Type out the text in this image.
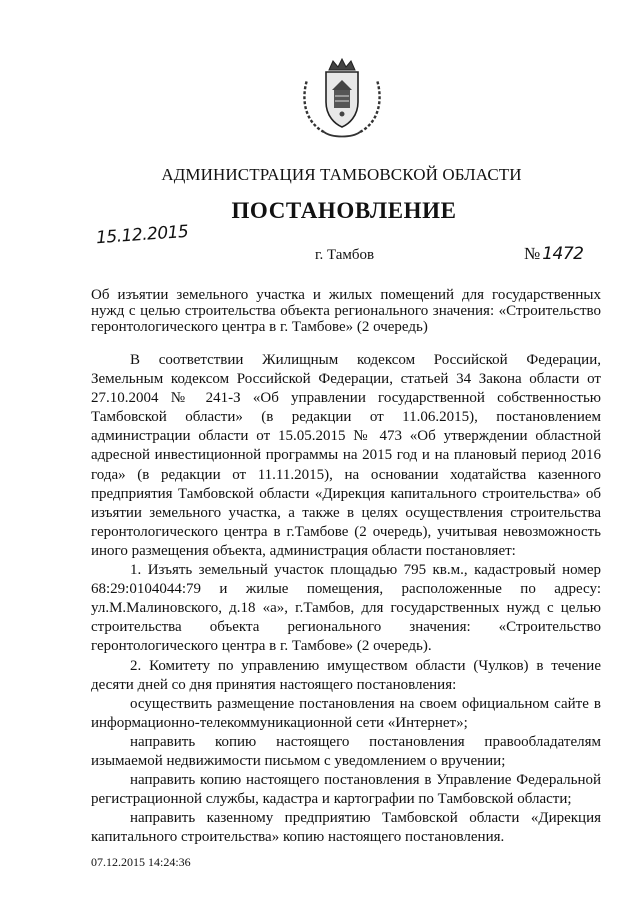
АДМИНИСТРАЦИЯ ТАМБОВСКОЙ ОБЛАСТИ
ПОСТАНОВЛЕНИЕ
15.12.2015
г. Тамбов	№ 1472
Об изъятии земельного участка и жилых помещений для государственных нужд с целью строительства объекта регионального значения: «Строительство геронтологического центра в г. Тамбове» (2 очередь)

В соответствии Жилищным кодексом Российской Федерации, Земельным кодексом Российской Федерации, статьей 34 Закона области от 27.10.2004 № 241-З «Об управлении государственной собственностью Тамбовской области» (в редакции от 11.06.2015), постановлением администрации области от 15.05.2015 № 473 «Об утверждении областной адресной инвестиционной программы на 2015 год и на плановый период 2016 года» (в редакции от 11.11.2015), на основании ходатайства казенного предприятия Тамбовской области «Дирекция капитального строительства» об изъятии земельного участка, а также в целях осуществления строительства геронтологического центра в г.Тамбове (2 очередь), учитывая невозможность иного размещения объекта, администрация области постановляет:

1. Изъять земельный участок площадью 795 кв.м., кадастровый номер 68:29:0104044:79 и жилые помещения, расположенные по адресу: ул.М.Малиновского, д.18 «а», г.Тамбов, для государственных нужд с целью строительства объекта регионального значения: «Строительство геронтологического центра в г. Тамбове» (2 очередь).

2. Комитету по управлению имуществом области (Чулков) в течение десяти дней со дня принятия настоящего постановления:

осуществить размещение постановления на своем официальном сайте в информационно-телекоммуникационной сети «Интернет»;

направить копию настоящего постановления правообладателям изымаемой недвижимости письмом с уведомлением о вручении;

направить копию настоящего постановления в Управление Федеральной регистрационной службы, кадастра и картографии по Тамбовской области;

направить казенному предприятию Тамбовской области «Дирекция капитального строительства» копию настоящего постановления.

07.12.2015 14:24:36
